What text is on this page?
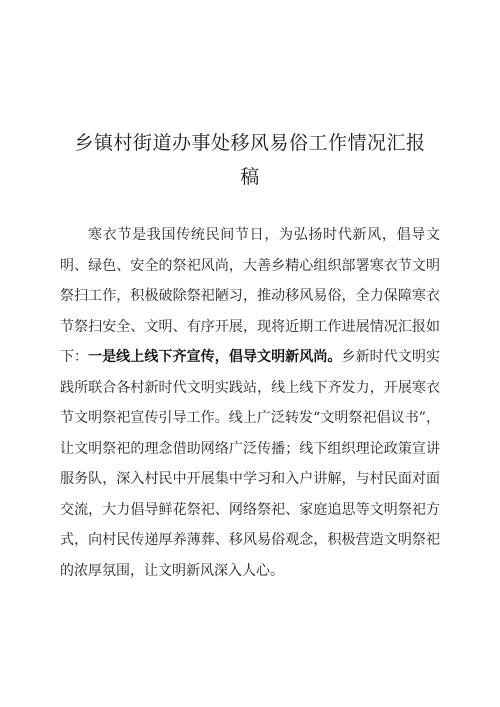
乡镇村街道办事处移风易俗工作情况汇报
稿

寒衣节是我国传统民间节日，为弘扬时代新风，倡导文明、绿色、安全的祭祀风尚，大善乡精心组织部署寒衣节文明祭扫工作，积极破除祭祀陋习，推动移风易俗，全力保障寒衣节祭扫安全、文明、有序开展，现将近期工作进展情况汇报如下： 一是线上线下齐宣传，倡导文明新风尚。乡新时代文明实践所联合各村新时代文明实践站，线上线下齐发力，开展寒衣节文明祭祀宣传引导工作。线上广泛转发“文明祭祀倡议书”，让文明祭祀的理念借助网络广泛传播；线下组织理论政策宣讲服务队，深入村民中开展集中学习和入户讲解，与村民面对面交流，大力倡导鲜花祭祀、网络祭祀、家庭追思等文明祭祀方式，向村民传递厚养薄葬、移风易俗观念，积极营造文明祭祀的浓厚氛围，让文明新风深入人心。
